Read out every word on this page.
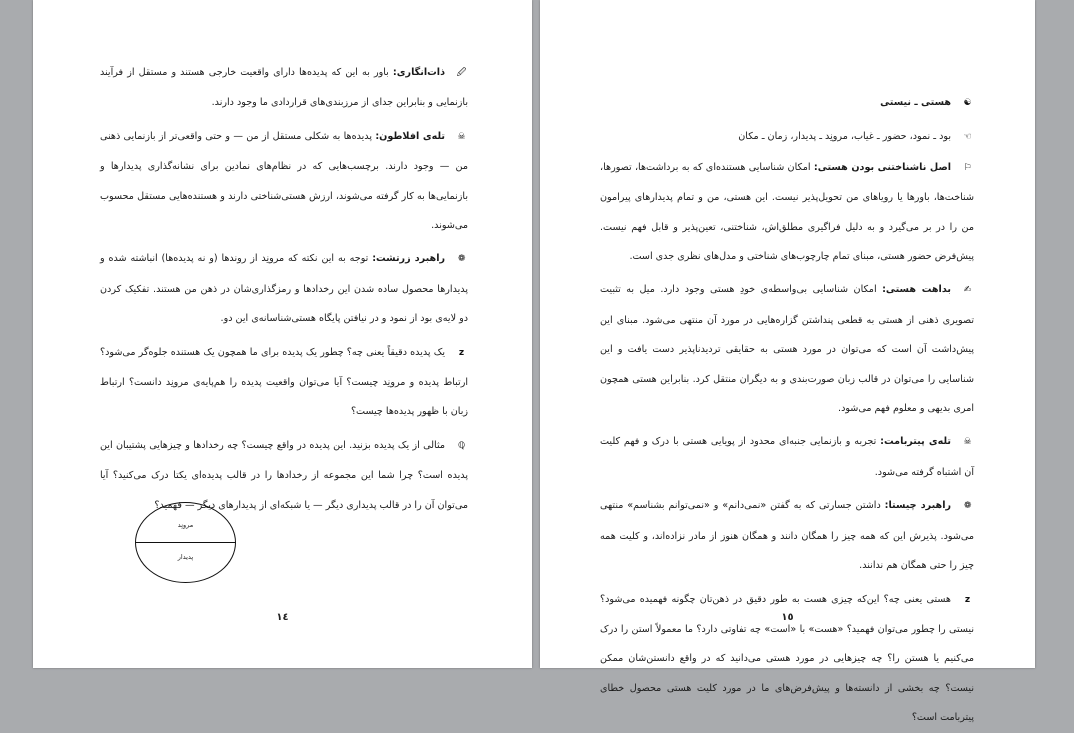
🖉ذات‌انگاری: باور به این که پدیده‌ها دارای واقعیت خارجی هستند و مستقل از فرآیند بازنمایی و بنابراین جدای از مرزبندی‌های قراردادی ما وجود دارند.

☠تله‌ی افلاطون: پدیده‌ها به شکلی مستقل از من — و حتی واقعی‌تر از بازنمایی ذهنی من — وجود دارند. برچسب‌هایی که در نظام‌های نمادین برای نشانه‌گذاری پدیدارها و بازنمایی‌ها به کار گرفته می‌شوند، ارزش هستی‌شناختی دارند و هستنده‌هایی مستقل محسوب می‌شوند.

❁راهبرد زرتشت: توجه به این نکته که مرونِد از روندها (و نه پدیده‌ها) انباشته شده و پدیدارها محصول ساده شدن این رخدادها و رمزگذاری‌شان در ذهن من هستند. تفکیک کردن دو لایه‌ی بود از نمود و در نیافتن پایگاه هستی‌شناسانه‌ی این دو.

zیک پدیده دقیقاً یعنی چه؟ چطور یک پدیده برای ما همچون یک هستنده جلوه‌گر می‌شود؟ ارتباط پدیده و مرونِد چیست؟ آیا می‌توان واقعیت پدیده را هم‌پایه‌ی مرونِد دانست؟ ارتباط زبان با ظهور پدیده‌ها چیست؟

ℚمثالی از یک پدیده بزنید. این پدیده در واقع چیست؟ چه رخدادها و چیزهایی پشتیبان این پدیده است؟ چرا شما این مجموعه از رخدادها را در قالب پدیده‌ای یکتا درک می‌کنید؟ آیا می‌توان آن را در قالب پدیداری دیگر — یا شبکه‌ای از پدیدارهای دیگر — فهمید؟

مرونِد
پدیدار
١٤

☯هستی ـ نیستی

☜بود ـ نمود، حضور ـ غیاب، مرونِد ـ پدیدار، زمان ـ مکان

⚐اصل ناشناختنی بودن هستی: امکان شناسایی هستنده‌ای که به برداشت‌ها، تصورها، شناخت‌ها، باورها یا رویاهای من تحویل‌پذیر نیست. این هستی، من و تمام پدیدارهای پیرامون من را در بر می‌گیرد و به دلیل فراگیری مطلق‌اش، شناختنی، تعین‌پذیر و قابل فهم نیست. پیش‌فرض حضور هستی، مبنای تمام چارچوب‌های شناختی و مدل‌های نظری جدی است.

✍بداهت هستی: امکان شناسایی بی‌واسطه‌ی خودِ هستی وجود دارد. میل به تثبیت تصویری ذهنی از هستی به قطعی پنداشتن گزاره‌هایی در مورد آن منتهی می‌شود. مبنای این پیش‌داشت آن است که می‌توان در مورد هستی به حقایقی تردیدناپذیر دست یافت و این شناسایی را می‌توان در قالب زبان صورت‌بندی و به دیگران منتقل کرد. بنابراین هستی همچون امری بدیهی و معلوم فهم می‌شود.

☠تله‌ی پیتربامت: تجربه و بازنمایی جنبه‌ای محدود از پویایی هستی با درک و فهم کلیت آن اشتباه گرفته می‌شود.

❁راهبرد چیستا: داشتن جسارتی که به گفتن «نمی‌دانم» و «نمی‌توانم بشناسم» منتهی می‌شود. پذیرش این که همه چیز را همگان دانند و همگان هنوز از مادر نزاده‌اند، و کلیت همه چیز را حتی همگان هم ندانند.

zهستی یعنی چه؟ این‌که چیزی هست به طور دقیق در ذهن‌تان چگونه فهمیده می‌شود؟ نیستی را چطور می‌توان فهمید؟ «هست» با «است» چه تفاوتی دارد؟ ما معمولاً استن را درک می‌کنیم یا هستن را؟ چه چیزهایی در مورد هستی می‌دانید که در واقع دانستن‌شان ممکن نیست؟ چه بخشی از دانسته‌ها و پیش‌فرض‌های ما در مورد کلیت هستی محصول خطای پیتربامت است؟

١٥
